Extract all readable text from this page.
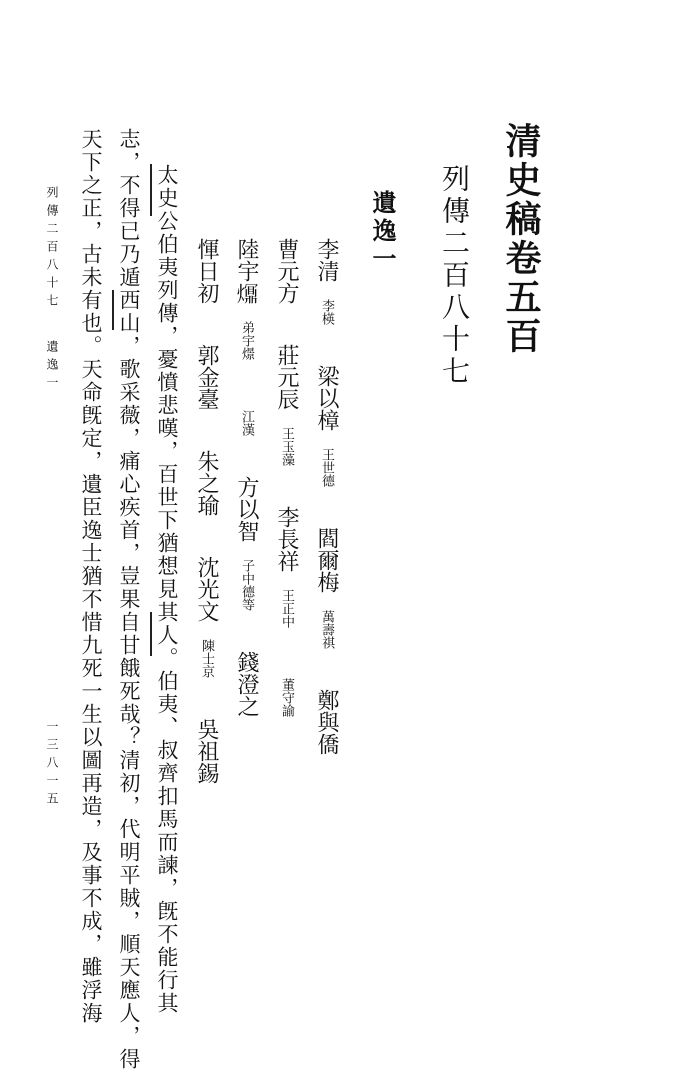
清史稿卷五百
列傳二百八十七
遺逸一
李清 李楧  梁以樟 王世德  閻爾梅 萬壽祺  鄭與僑
曹元方  莊元辰 王玉藻  李長祥 王正中  董守諭
陸宇𤑺 弟宇燝  江漢  方以智 子中德等  錢澄之
惲日初  郭金臺  朱之瑜  沈光文 陳士京  吳祖錫
太史公伯夷列傳，憂憤悲嘆，百世下猶想見其人。伯夷、叔齊扣馬而諫，旣不能行其
志，不得已乃遁西山，歌采薇，痛心疾首，豈果自甘餓死哉？清初，代明平賊，順天應人，得
天下之正，古未有也。天命旣定，遺臣逸士猶不惜九死一生以圖再造，及事不成，雖浮海
列傳二百八十七
遺逸一
一三八一五
